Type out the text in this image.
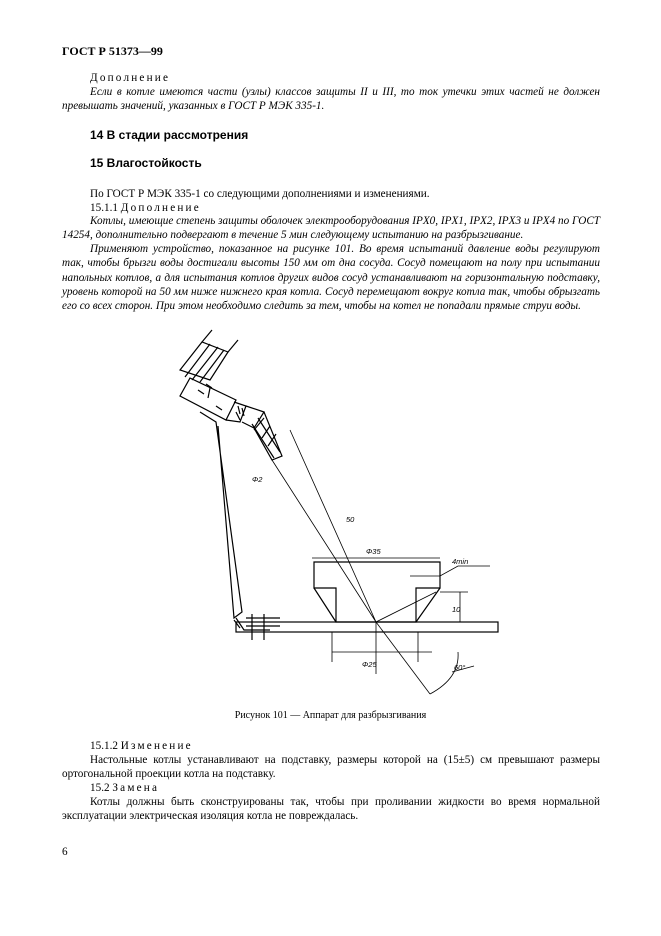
ГОСТ Р 51373—99
Дополнение
Если в котле имеются части (узлы) классов защиты II и III, то ток утечки этих частей не должен превышать значений, указанных в ГОСТ Р МЭК 335-1.
14 В стадии рассмотрения
15 Влагостойкость
По ГОСТ Р МЭК 335-1 со следующими дополнениями и изменениями.
15.1.1 Дополнение
Котлы, имеющие степень защиты оболочек электрооборудования IPX0, IPX1, IPX2, IPX3 и IPX4 по ГОСТ 14254, дополнительно подвергают в течение 5 мин следующему испытанию на разбрызгивание.
Применяют устройство, показанное на рисунке 101. Во время испытаний давление воды регулируют так, чтобы брызги воды достигали высоты 150 мм от дна сосуда. Сосуд помещают на полу при испытании напольных котлов, а для испытания котлов других видов сосуд устанавливают на горизонтальную подставку, уровень которой на 50 мм ниже нижнего края котла. Сосуд перемещают вокруг котла так, чтобы обрызгать его со всех сторон. При этом необходимо следить за тем, чтобы на котел не попадали прямые струи воды.
Φ2
50
Φ35
4min
10
Φ25	60°
Рисунок 101 — Аппарат для разбрызгивания
15.1.2 Изменение
Настольные котлы устанавливают на подставку, размеры которой на (15±5) см превышают размеры ортогональной проекции котла на подставку.
15.2 Замена
Котлы должны быть сконструированы так, чтобы при проливании жидкости во время нормальной эксплуатации электрическая изоляция котла не повреждалась.
6
